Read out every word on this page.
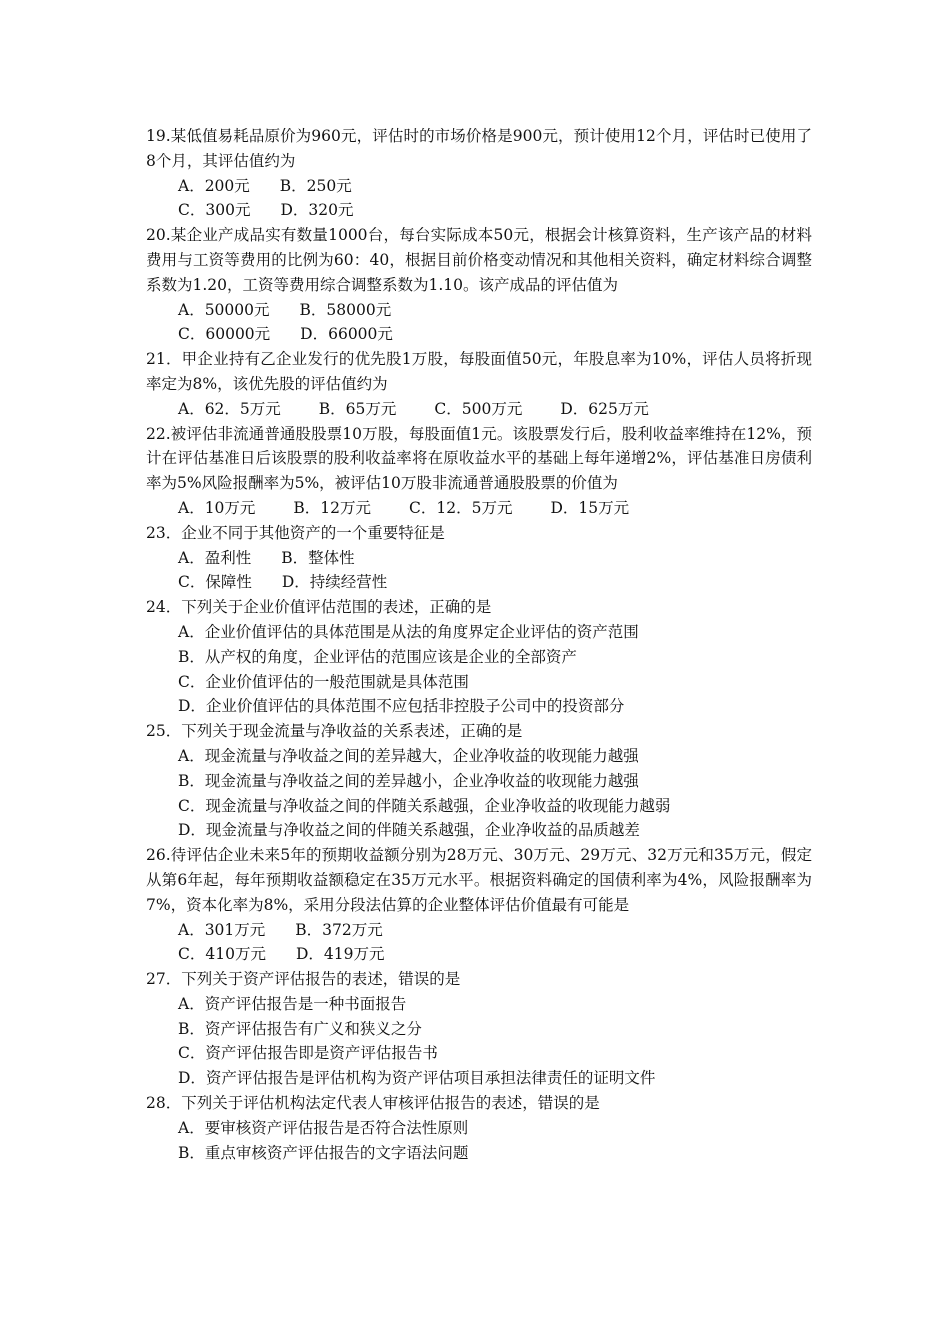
19.某低值易耗品原价为960元，评估时的市场价格是900元，预计使用12个月，评估时已使用了8个月，其评估值约为
A．200元 B．250元
C．300元 D．320元
20.某企业产成品实有数量1000台，每台实际成本50元，根据会计核算资料，生产该产品的材料费用与工资等费用的比例为60：40，根据目前价格变动情况和其他相关资料，确定材料综合调整系数为1.20，工资等费用综合调整系数为1.10。该产成品的评估值为
A．50000元 B．58000元
C．60000元 D．66000元
21．甲企业持有乙企业发行的优先股1万股，每股面值50元，年股息率为10%，评估人员将折现率定为8%，该优先股的评估值约为
A．62．5万元 B．65万元 C．500万元 D．625万元
22.被评估非流通普通股股票10万股，每股面值1元。该股票发行后，股利收益率维持在12%，预计在评估基准日后该股票的股利收益率将在原收益水平的基础上每年递增2%，评估基准日房债利率为5%风险报酬率为5%，被评估10万股非流通普通股股票的价值为
A．10万元 B．12万元 C．12．5万元 D．15万元
23．企业不同于其他资产的一个重要特征是
A．盈利性 B．整体性
C．保障性 D．持续经营性
24．下列关于企业价值评估范围的表述，正确的是
A．企业价值评估的具体范围是从法的角度界定企业评估的资产范围
B．从产权的角度，企业评估的范围应该是企业的全部资产
C．企业价值评估的一般范围就是具体范围
D．企业价值评估的具体范围不应包括非控股子公司中的投资部分
25．下列关于现金流量与净收益的关系表述，正确的是
A．现金流量与净收益之间的差异越大，企业净收益的收现能力越强
B．现金流量与净收益之间的差异越小，企业净收益的收现能力越强
C．现金流量与净收益之间的伴随关系越强，企业净收益的收现能力越弱
D．现金流量与净收益之间的伴随关系越强，企业净收益的品质越差
26.待评估企业未来5年的预期收益额分别为28万元、30万元、29万元、32万元和35万元，假定从第6年起，每年预期收益额稳定在35万元水平。根据资料确定的国债利率为4%，风险报酬率为7%，资本化率为8%，采用分段法估算的企业整体评估价值最有可能是
A．301万元 B．372万元
C．410万元 D．419万元
27．下列关于资产评估报告的表述，错误的是
A．资产评估报告是一种书面报告
B．资产评估报告有广义和狭义之分
C．资产评估报告即是资产评估报告书
D．资产评估报告是评估机构为资产评估项目承担法律责任的证明文件
28．下列关于评估机构法定代表人审核评估报告的表述，错误的是
A．要审核资产评估报告是否符合法性原则
B．重点审核资产评估报告的文字语法问题
